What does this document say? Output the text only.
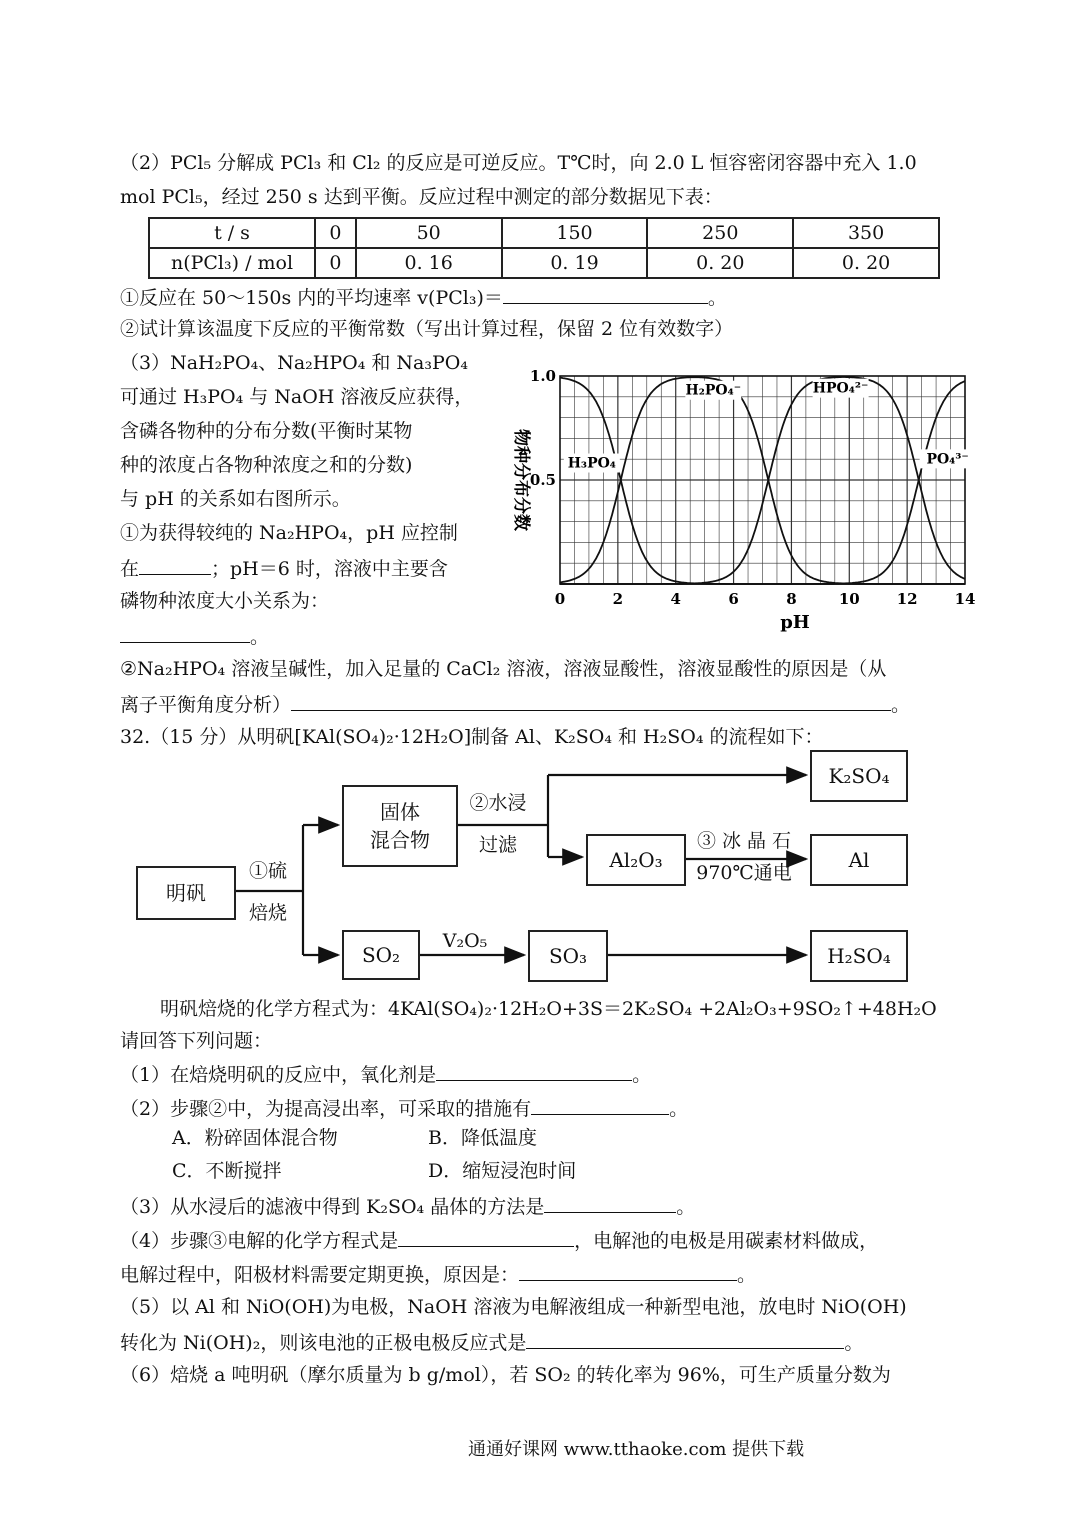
（2）PCl₅ 分解成 PCl₃ 和 Cl₂ 的反应是可逆反应。T℃时，向 2.0 L 恒容密闭容器中充入 1.0
mol PCl₅，经过 250 s 达到平衡。反应过程中测定的部分数据见下表：
t / s	0	50	150	250	350
n(PCl₃) / mol	0	0. 16	0. 19	0. 20	0. 20
①反应在 50～150s 内的平均速率 v(PCl₃)＝	。
②试计算该温度下反应的平衡常数（写出计算过程，保留 2 位有效数字）
（3）NaH₂PO₄、Na₂HPO₄ 和 Na₃PO₄
可通过 H₃PO₄ 与 NaOH 溶液反应获得，
含磷各物种的分布分数(平衡时某物
种的浓度占各物种浓度之和的分数)
与 pH 的关系如右图所示。
①为获得较纯的 Na₂HPO₄，pH 应控制
在	；pH＝6 时，溶液中主要含
磷物种浓度大小关系为：
。
0	2	4	6	8	10 12 14
0.5
1.0
pH
物种分布分数	H₃PO₄
H₂PO₄⁻	HPO₄²⁻
PO₄³⁻
②Na₂HPO₄ 溶液呈碱性，加入足量的 CaCl₂ 溶液，溶液显酸性，溶液显酸性的原因是（从
离子平衡角度分析）	。
32.（15 分）从明矾[KAl(SO₄)₂·12H₂O]制备 Al、K₂SO₄ 和 H₂SO₄ 的流程如下：
明矾
固体
混合物
K₂SO₄
Al₂O₃	Al
SO₂	SO₃	H₂SO₄
①硫
焙烧
②水浸
过滤	③ 冰 晶 石
970℃通电
V₂O₅
明矾焙烧的化学方程式为：4KAl(SO₄)₂·12H₂O+3S＝2K₂SO₄ +2Al₂O₃+9SO₂↑+48H₂O
请回答下列问题：
（1）在焙烧明矾的反应中，氧化剂是	。
（2）步骤②中，为提高浸出率，可采取的措施有	。
A．粉碎固体混合物	B．降低温度
C．不断搅拌	D．缩短浸泡时间
（3）从水浸后的滤液中得到 K₂SO₄ 晶体的方法是	。
（4）步骤③电解的化学方程式是	，电解池的电极是用碳素材料做成，
电解过程中，阳极材料需要定期更换，原因是：	。
（5）以 Al 和 NiO(OH)为电极，NaOH 溶液为电解液组成一种新型电池，放电时 NiO(OH)
转化为 Ni(OH)₂，则该电池的正极电极反应式是	。
（6）焙烧 a 吨明矾（摩尔质量为 b g/mol），若 SO₂ 的转化率为 96%，可生产质量分数为
通通好课网 www.tthaoke.com 提供下载
